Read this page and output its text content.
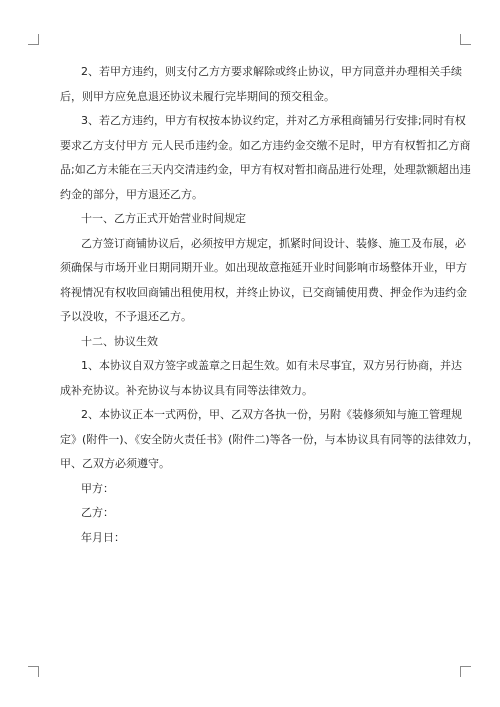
2、若甲方违约，则支付乙方方要求解除或终止协议，甲方同意并办理相关手续
后，则甲方应免息退还协议未履行完毕期间的预交租金。
3、若乙方违约，甲方有权按本协议约定，并对乙方承租商铺另行安排;同时有权
要求乙方支付甲方 元人民币违约金。如乙方违约金交缴不足时，甲方有权暂扣乙方商
品;如乙方未能在三天内交清违约金，甲方有权对暂扣商品进行处理，处理款额超出违
约金的部分，甲方退还乙方。
十一、乙方正式开始营业时间规定
乙方签订商铺协议后，必须按甲方规定，抓紧时间设计、装修、施工及布展，必
须确保与市场开业日期同期开业。如出现故意拖延开业时间影响市场整体开业，甲方
将视情况有权收回商铺出租使用权，并终止协议，已交商铺使用费、押金作为违约金
予以没收，不予退还乙方。
十二、协议生效
1、本协议自双方签字或盖章之日起生效。如有未尽事宜，双方另行协商，并达
成补充协议。补充协议与本协议具有同等法律效力。
2、本协议正本一式两份，甲、乙双方各执一份，另附《装修须知与施工管理规
定》(附件一)、《安全防火责任书》(附件二)等各一份，与本协议具有同等的法律效力，
甲、乙双方必须遵守。
甲方：
乙方：
年月日：
